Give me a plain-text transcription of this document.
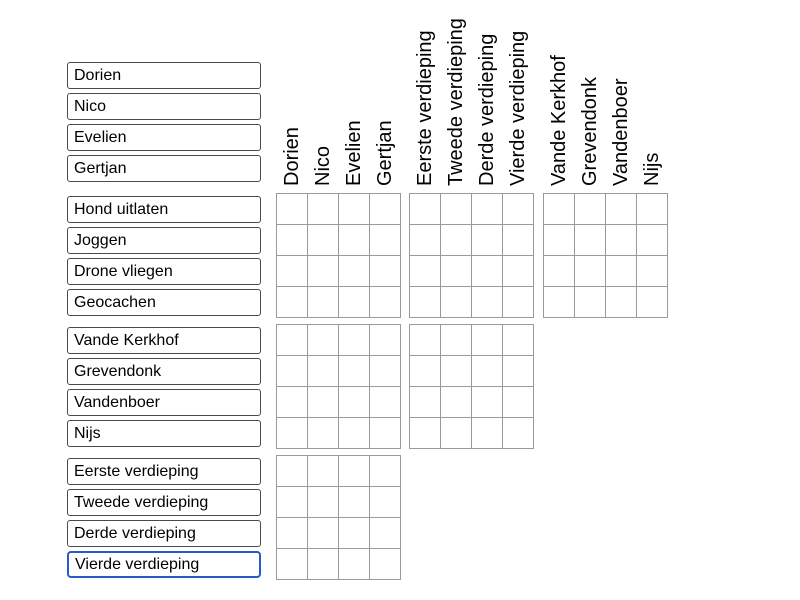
Dorien Nico Evelien Gertjan Eerste verdieping Tweede verdieping Derde verdieping Vierde verdieping Vande Kerkhof Grevendonk Vandenboer Nijs
Dorien
Nico
Evelien
Gertjan
Hond uitlaten
Joggen
Drone vliegen
Geocachen
Vande Kerkhof
Grevendonk
Vandenboer
Nijs
Eerste verdieping
Tweede verdieping
Derde verdieping
Vierde verdieping
